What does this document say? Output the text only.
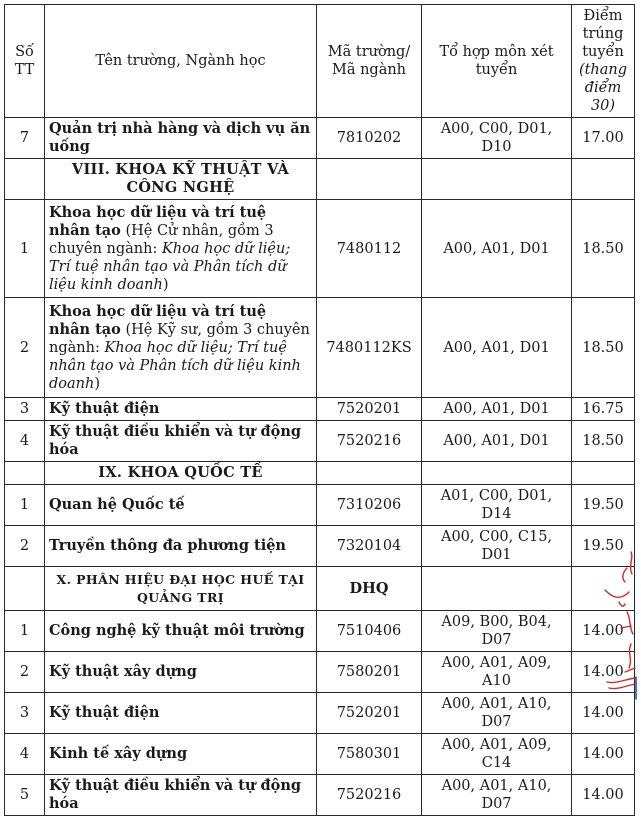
Số TT	Tên trường, Ngành học	Mã trường/ Mã ngành	Tổ hợp môn xét tuyển	Điểm trúng tuyển (thang điểm 30)
7	Quản trị nhà hàng và dịch vụ ăn uống	7810202	A00, C00, D01, D10	17.00
	VIII. KHOA KỸ THUẬT VÀ CÔNG NGHỆ			
1	Khoa học dữ liệu và trí tuệ nhân tạo (Hệ Cử nhân, gồm 3 chuyên ngành: Khoa học dữ liệu; Trí tuệ nhân tạo và Phân tích dữ liệu kinh doanh)	7480112	A00, A01, D01	18.50
2	Khoa học dữ liệu và trí tuệ nhân tạo (Hệ Kỹ sư, gồm 3 chuyên ngành: Khoa học dữ liệu; Trí tuệ nhân tạo và Phân tích dữ liệu kinh doanh)	7480112KS	A00, A01, D01	18.50
3	Kỹ thuật điện	7520201	A00, A01, D01	16.75
4	Kỹ thuật điều khiển và tự động hóa	7520216	A00, A01, D01	18.50
	IX. KHOA QUỐC TẾ			
1	Quan hệ Quốc tế	7310206	A01, C00, D01, D14	19.50
2	Truyền thông đa phương tiện	7320104	A00, C00, C15, D01	19.50
	X. PHÂN HIỆU ĐẠI HỌC HUẾ TẠI QUẢNG TRỊ	DHQ		
1	Công nghệ kỹ thuật môi trường	7510406	A09, B00, B04, D07	14.00
2	Kỹ thuật xây dựng	7580201	A00, A01, A09, A10	14.00
3	Kỹ thuật điện	7520201	A00, A01, A10, D07	14.00
4	Kinh tế xây dựng	7580301	A00, A01, A09, C14	14.00
5	Kỹ thuật điều khiển và tự động hóa	7520216	A00, A01, A10, D07	14.00
